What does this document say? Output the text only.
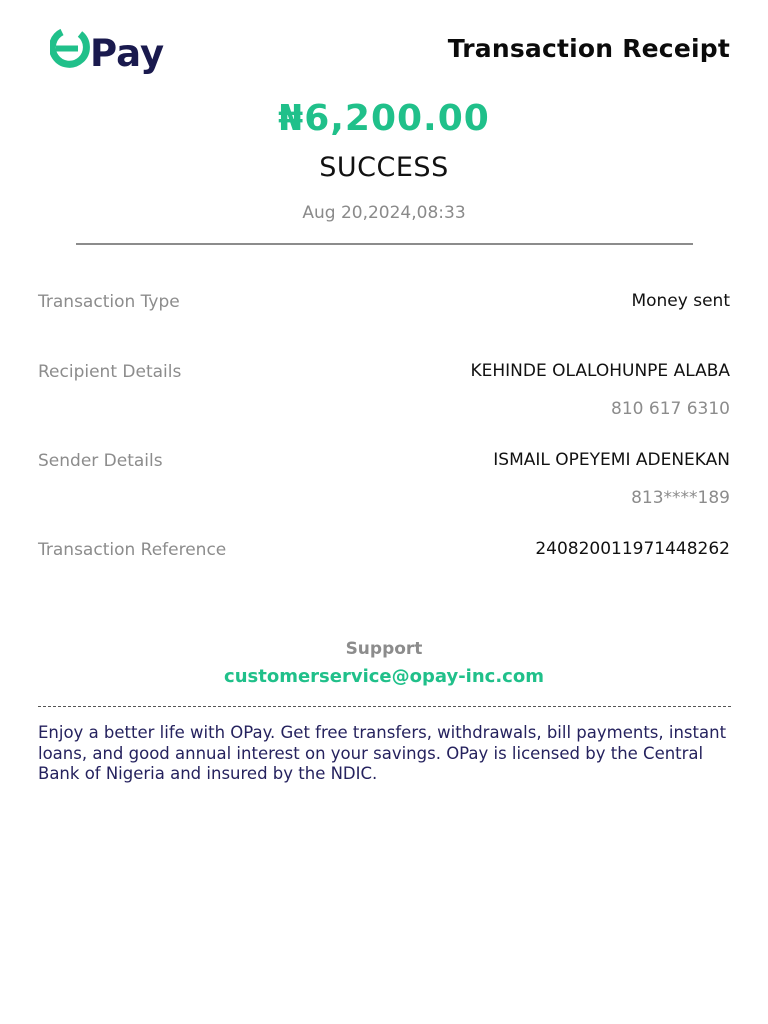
Pay	Transaction Receipt
₦6,200.00
SUCCESS
Aug 20,2024,08:33
Transaction Type	Money sent
Recipient Details	KEHINDE OLALOHUNPE ALABA
810 617 6310
Sender Details	ISMAIL OPEYEMI ADENEKAN
813****189
Transaction Reference	240820011971448262
Support
customerservice@opay-inc.com
Enjoy a better life with OPay. Get free transfers, withdrawals, bill payments, instant loans, and good annual interest on your savings. OPay is licensed by the Central Bank of Nigeria and insured by the NDIC.
